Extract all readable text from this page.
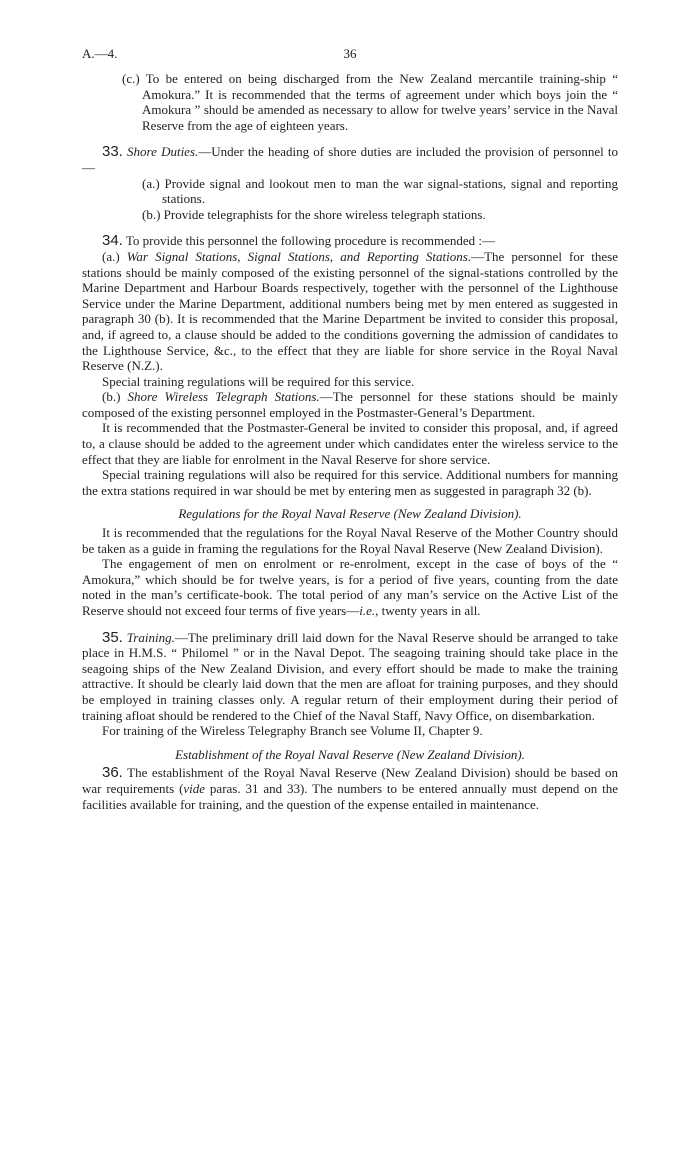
A.—4.	36

(c.) To be entered on being discharged from the New Zealand mercantile training-ship “ Amokura.” It is recommended that the terms of agreement under which boys join the “ Amokura ” should be amended as necessary to allow for twelve years’ service in the Naval Reserve from the age of eighteen years.

33. Shore Duties.—Under the heading of shore duties are included the provision of personnel to—

(a.) Provide signal and lookout men to man the war signal-stations, signal and reporting stations.

(b.) Provide telegraphists for the shore wireless telegraph stations.

34. To provide this personnel the following procedure is recommended :—

(a.) War Signal Stations, Signal Stations, and Reporting Stations.—The personnel for these stations should be mainly composed of the existing personnel of the signal-stations controlled by the Marine Department and Harbour Boards respectively, together with the personnel of the Lighthouse Service under the Marine Department, additional numbers being met by men entered as suggested in paragraph 30 (b). It is recommended that the Marine Department be invited to consider this proposal, and, if agreed to, a clause should be added to the conditions governing the admission of candidates to the Lighthouse Service, &c., to the effect that they are liable for shore service in the Royal Naval Reserve (N.Z.).

Special training regulations will be required for this service.

(b.) Shore Wireless Telegraph Stations.—The personnel for these stations should be mainly composed of the existing personnel employed in the Postmaster-General’s Department.

It is recommended that the Postmaster-General be invited to consider this proposal, and, if agreed to, a clause should be added to the agreement under which candidates enter the wireless service to the effect that they are liable for enrolment in the Naval Reserve for shore service.

Special training regulations will also be required for this service. Additional numbers for manning the extra stations required in war should be met by entering men as suggested in paragraph 32 (b).

Regulations for the Royal Naval Reserve (New Zealand Division).

It is recommended that the regulations for the Royal Naval Reserve of the Mother Country should be taken as a guide in framing the regulations for the Royal Naval Reserve (New Zealand Division).

The engagement of men on enrolment or re-enrolment, except in the case of boys of the “ Amokura,” which should be for twelve years, is for a period of five years, counting from the date noted in the man’s certificate-book. The total period of any man’s service on the Active List of the Reserve should not exceed four terms of five years—i.e., twenty years in all.

35. Training.—The preliminary drill laid down for the Naval Reserve should be arranged to take place in H.M.S. “ Philomel ” or in the Naval Depot. The seagoing training should take place in the seagoing ships of the New Zealand Division, and every effort should be made to make the training attractive. It should be clearly laid down that the men are afloat for training purposes, and they should be employed in training classes only. A regular return of their employment during their period of training afloat should be rendered to the Chief of the Naval Staff, Navy Office, on disembarkation.

For training of the Wireless Telegraphy Branch see Volume II, Chapter 9.

Establishment of the Royal Naval Reserve (New Zealand Division).

36. The establishment of the Royal Naval Reserve (New Zealand Division) should be based on war requirements (vide paras. 31 and 33). The numbers to be entered annually must depend on the facilities available for training, and the question of the expense entailed in maintenance.
